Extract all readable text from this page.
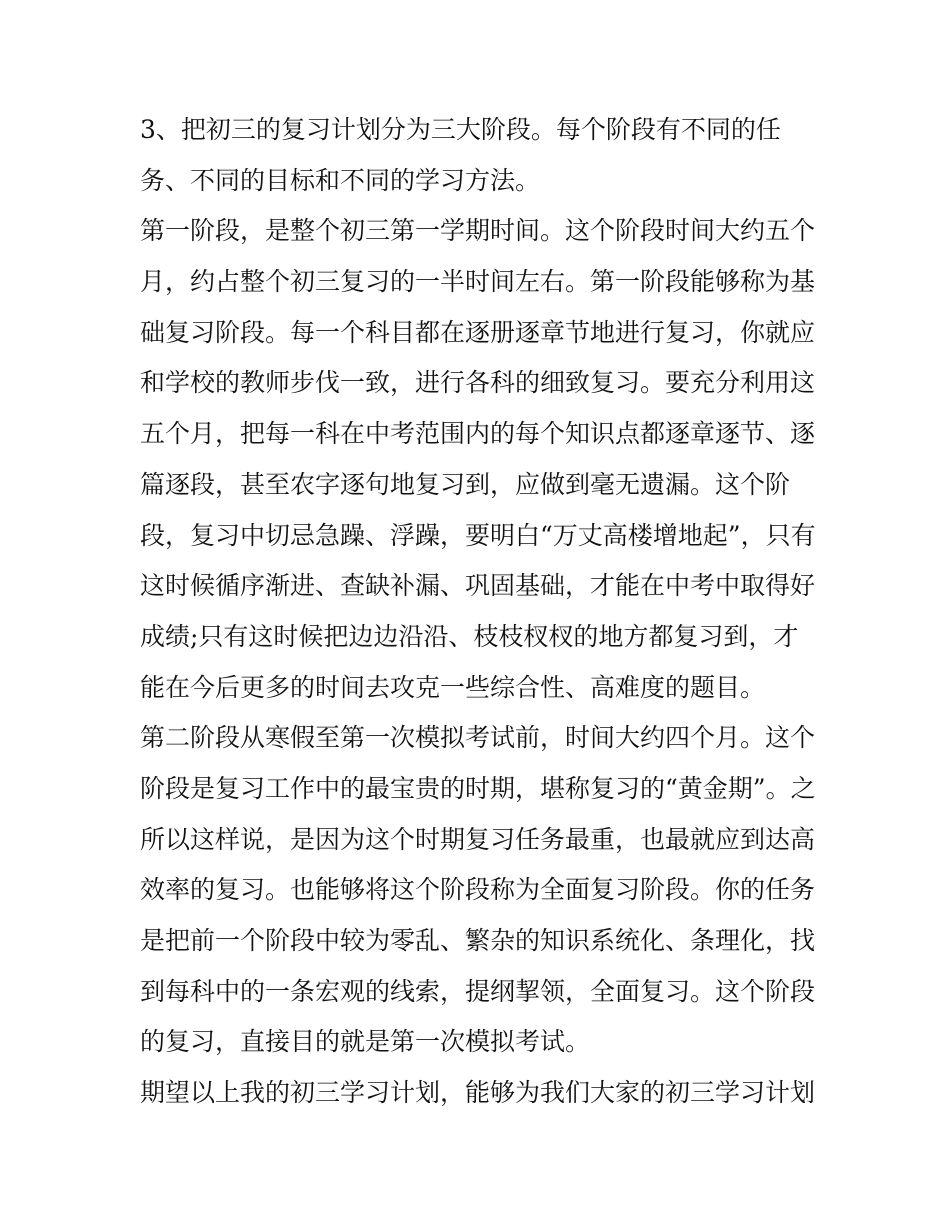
3、把初三的复习计划分为三大阶段。每个阶段有不同的任
务、不同的目标和不同的学习方法。
第一阶段，是整个初三第一学期时间。这个阶段时间大约五个
月，约占整个初三复习的一半时间左右。第一阶段能够称为基
础复习阶段。每一个科目都在逐册逐章节地进行复习，你就应
和学校的教师步伐一致，进行各科的细致复习。要充分利用这
五个月，把每一科在中考范围内的每个知识点都逐章逐节、逐
篇逐段，甚至农字逐句地复习到，应做到毫无遗漏。这个阶
段，复习中切忌急躁、浮躁，要明白“万丈高楼增地起”，只有
这时候循序渐进、查缺补漏、巩固基础，才能在中考中取得好
成绩;只有这时候把边边沿沿、枝枝杈杈的地方都复习到，才
能在今后更多的时间去攻克一些综合性、高难度的题目。
第二阶段从寒假至第一次模拟考试前，时间大约四个月。这个
阶段是复习工作中的最宝贵的时期，堪称复习的“黄金期”。之
所以这样说，是因为这个时期复习任务最重，也最就应到达高
效率的复习。也能够将这个阶段称为全面复习阶段。你的任务
是把前一个阶段中较为零乱、繁杂的知识系统化、条理化，找
到每科中的一条宏观的线索，提纲挈领，全面复习。这个阶段
的复习，直接目的就是第一次模拟考试。
期望以上我的初三学习计划，能够为我们大家的初三学习计划
